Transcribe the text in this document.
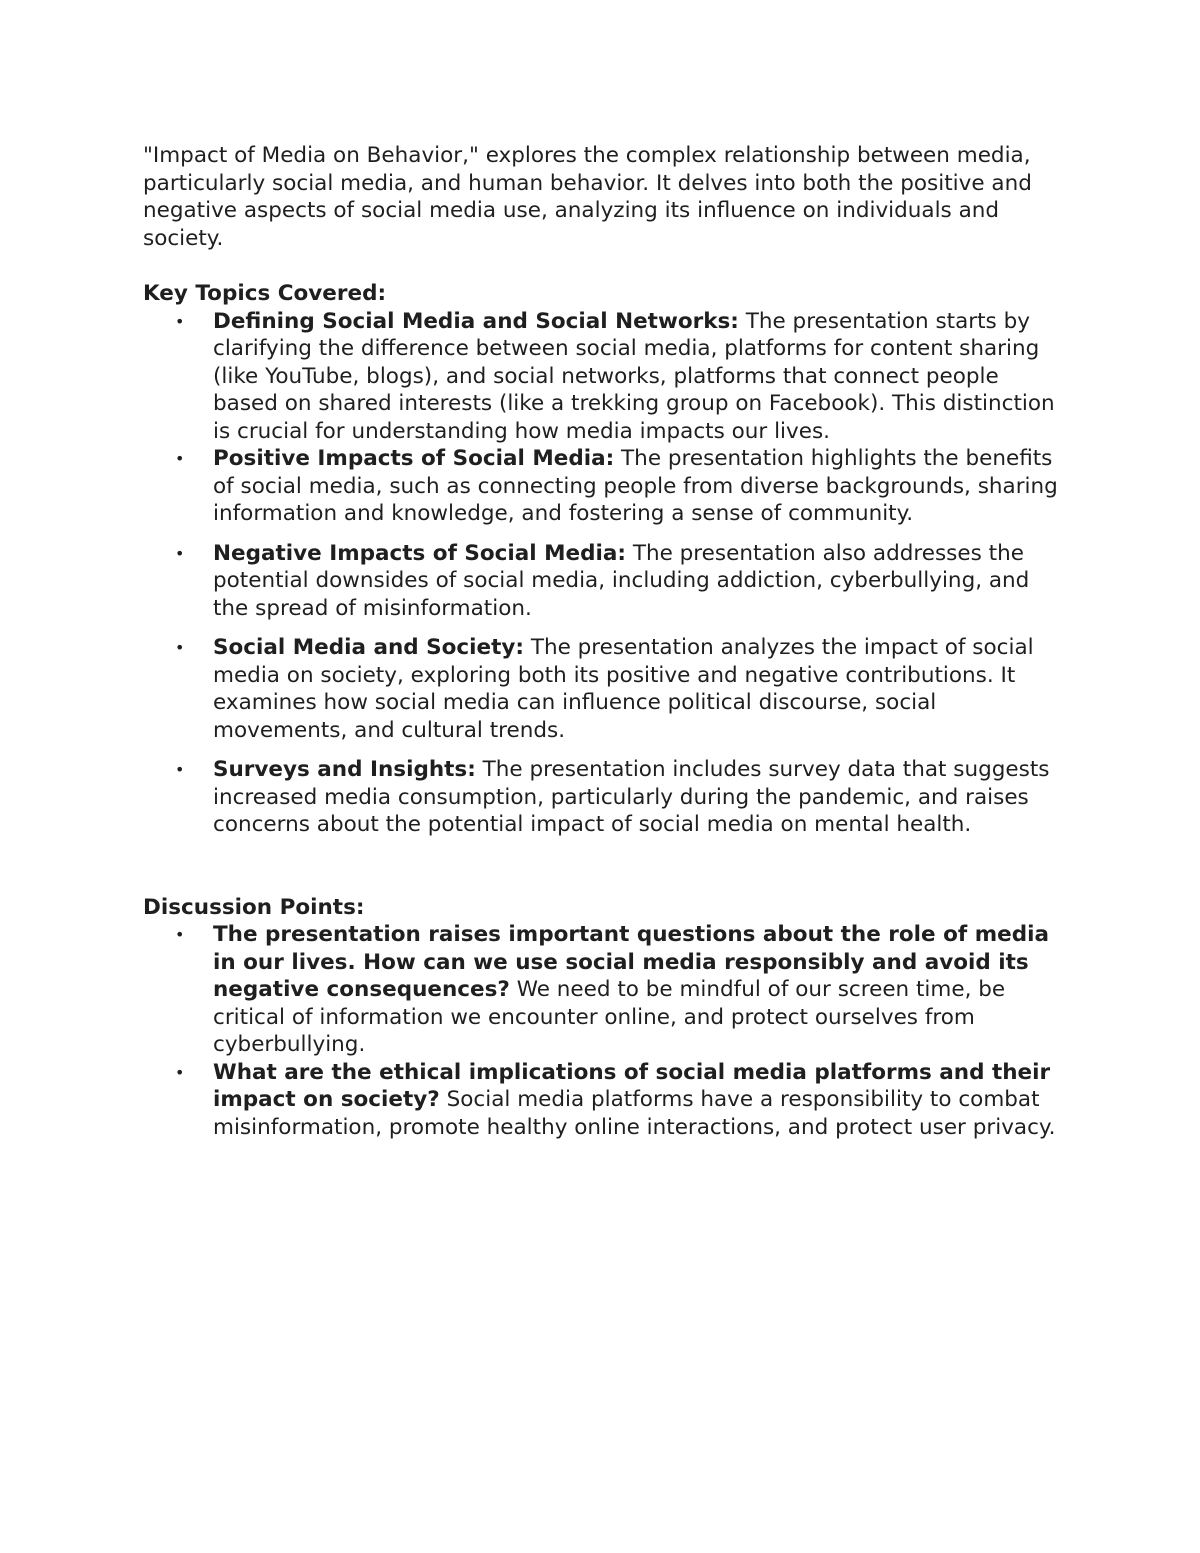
"Impact of Media on Behavior," explores the complex relationship between media, particularly social media, and human behavior. It delves into both the positive and negative aspects of social media use, analyzing its influence on individuals and society.

Key Topics Covered:

• Defining Social Media and Social Networks: The presentation starts by clarifying the difference between social media, platforms for content sharing (like YouTube, blogs), and social networks, platforms that connect people based on shared interests (like a trekking group on Facebook). This distinction is crucial for understanding how media impacts our lives.
• Positive Impacts of Social Media: The presentation highlights the benefits of social media, such as connecting people from diverse backgrounds, sharing information and knowledge, and fostering a sense of community.
• Negative Impacts of Social Media: The presentation also addresses the potential downsides of social media, including addiction, cyberbullying, and the spread of misinformation.
• Social Media and Society: The presentation analyzes the impact of social media on society, exploring both its positive and negative contributions. It examines how social media can influence political discourse, social movements, and cultural trends.
• Surveys and Insights: The presentation includes survey data that suggests increased media consumption, particularly during the pandemic, and raises concerns about the potential impact of social media on mental health.

Discussion Points:

• The presentation raises important questions about the role of media in our lives. How can we use social media responsibly and avoid its negative consequences? We need to be mindful of our screen time, be critical of information we encounter online, and protect ourselves from cyberbullying.
• What are the ethical implications of social media platforms and their impact on society? Social media platforms have a responsibility to combat misinformation, promote healthy online interactions, and protect user privacy.
